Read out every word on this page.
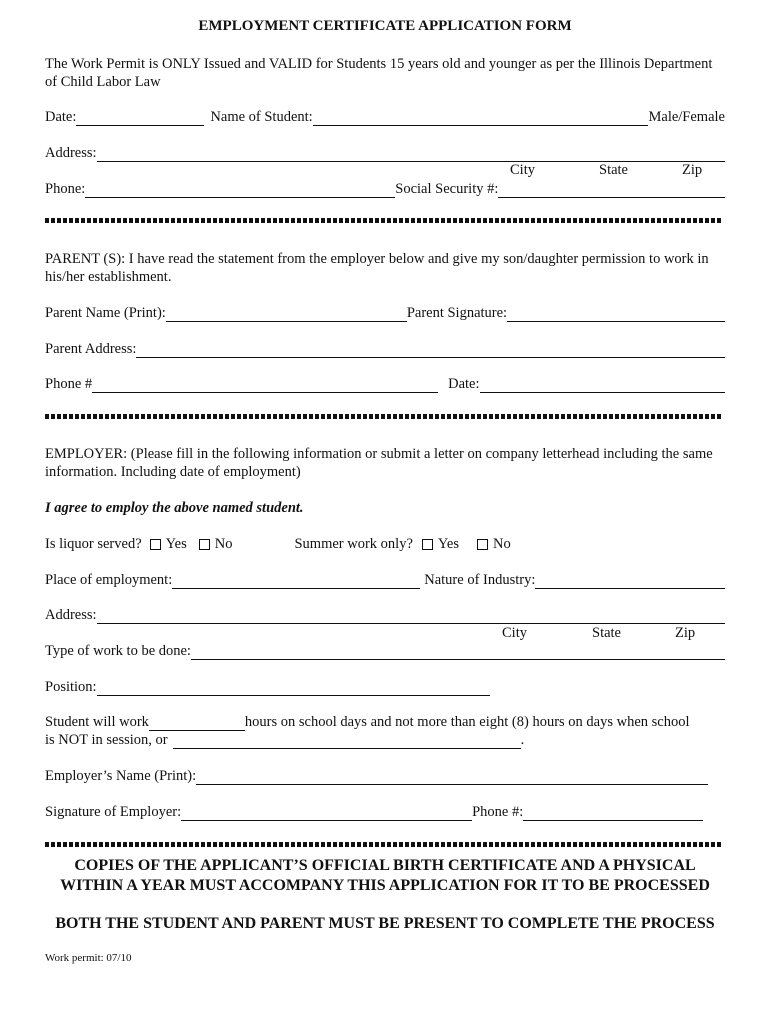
EMPLOYMENT CERTIFICATE APPLICATION FORM
The Work Permit is ONLY Issued and VALID for Students 15 years old and younger as per the Illinois Department of Child Labor Law
Date:	Name of Student:	Male/Female
Address:
City	State	Zip
Phone:	Social Security #:
PARENT (S): I have read the statement from the employer below and give my son/daughter permission to work in his/her establishment.
Parent Name (Print):	Parent Signature:
Parent Address:
Phone #	Date:
EMPLOYER: (Please fill in the following information or submit a letter on company letterhead including the same information. Including date of employment)
I agree to employ the above named student.
Is liquor served?	Yes	No	Summer work only?	Yes	No
Place of employment:	Nature of Industry:
Address:
City	State	Zip
Type of work to be done:
Position:
Student will work	hours on school days and not more than eight (8) hours on days when school
is NOT in session, or	.
Employer’s Name (Print):
Signature of Employer:	Phone #:
COPIES OF THE APPLICANT’S OFFICIAL BIRTH CERTIFICATE AND A PHYSICAL WITHIN A YEAR MUST ACCOMPANY THIS APPLICATION FOR IT TO BE PROCESSED
BOTH THE STUDENT AND PARENT MUST BE PRESENT TO COMPLETE THE PROCESS
Work permit: 07/10
